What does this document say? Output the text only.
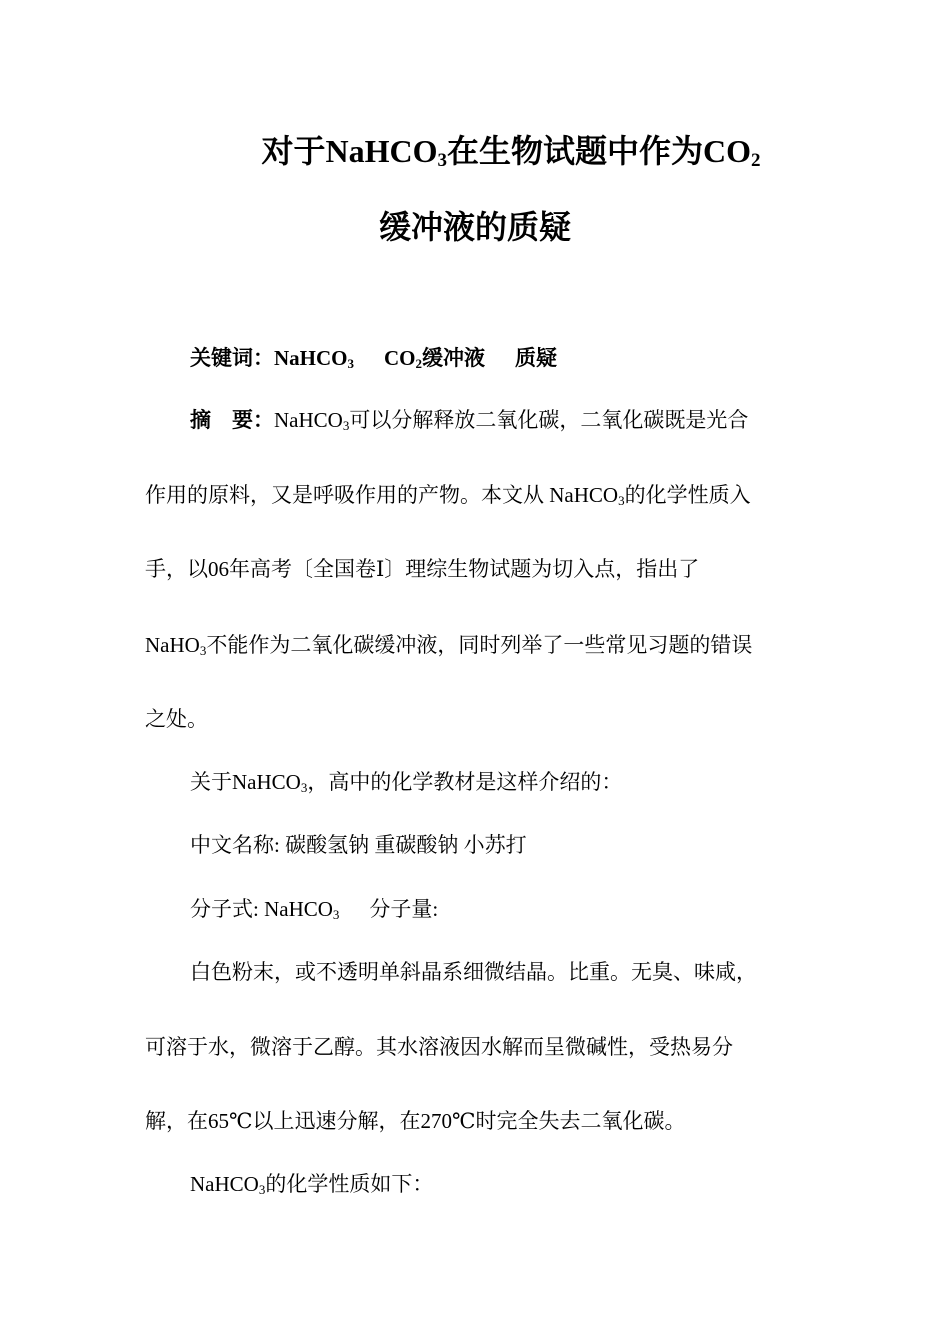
对于NaHCO$_3$在生物试题中作为$CO_2$
缓冲液的质疑
关键词：NaHCO$_3$ $CO_2$缓冲液 质疑
摘　要：NaHCO$_3$可以分解释放二氧化碳，二氧化碳既是光合
作用的原料，又是呼吸作用的产物。本文从 NaHCO$_3$的化学性质入
手，以06年高考〔全国卷Ⅰ〕理综生物试题为切入点，指出了
NaHO$_3$不能作为二氧化碳缓冲液，同时列举了一些常见习题的错误
之处。
关于NaHCO$_3$，高中的化学教材是这样介绍的：
中文名称: 碳酸氢钠 重碳酸钠 小苏打
分子式: NaHCO$_3$ 分子量:
白色粉末，或不透明单斜晶系细微结晶。比重。无臭、味咸，
可溶于水，微溶于乙醇。其水溶液因水解而呈微碱性，受热易分
解，在65℃以上迅速分解，在270℃时完全失去二氧化碳。
NaHCO$_3$的化学性质如下：
